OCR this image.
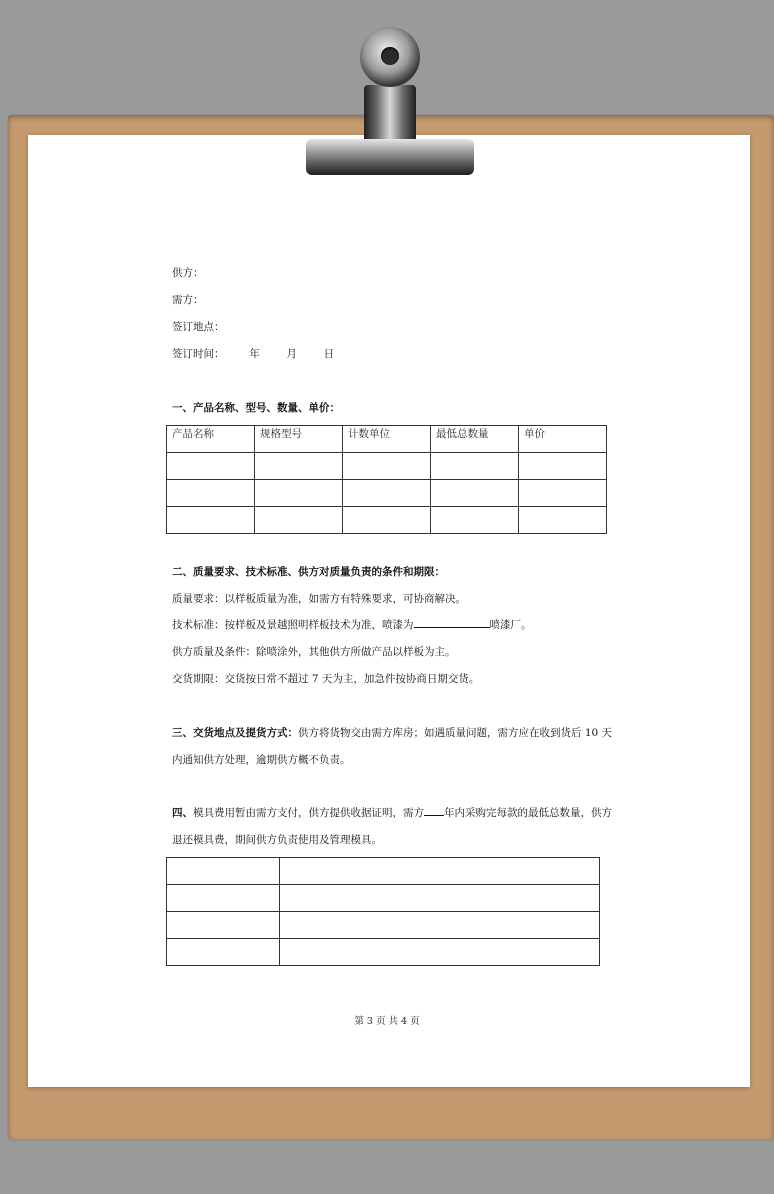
供方：
需方：
签订地点：
签订时间： 年	月	日
一、产品名称、型号、数量、单价：
二、质量要求、技术标准、供方对质量负责的条件和期限：
质量要求：以样板质量为准，如需方有特殊要求，可协商解决。
技术标准：按样板及景越照明样板技术为准，喷漆为	喷漆厂。
供方质量及条件：除喷涂外，其他供方所做产品以样板为主。
交货期限：交货按日常不超过 7 天为主，加急件按协商日期交货。
三、交货地点及提货方式：供方将货物交由需方库房；如遇质量问题，需方应在收到货后 10 天
内通知供方处理，逾期供方概不负责。
四、模具费用暂由需方支付，供方提供收据证明，需方 年内采购完每款的最低总数量，供方
退还模具费，期间供方负责使用及管理模具。
产品名称	规格型号	计数单位	最低总数量	单价

第 3 页 共 4 页
